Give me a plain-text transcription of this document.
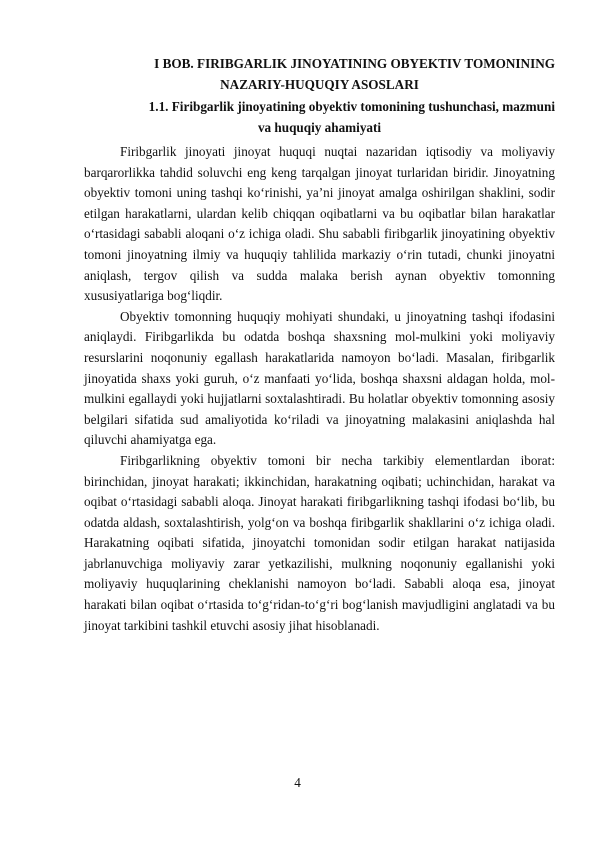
I BOB. FIRIBGARLIK JINOYATINING OBYEKTIV TOMONINING
NAZARIY-HUQUQIY ASOSLARI
1.1. Firibgarlik jinoyatining obyektiv tomonining tushunchasi, mazmuni
va huquqiy ahamiyati

Firibgarlik jinoyati jinoyat huquqi nuqtai nazaridan iqtisodiy va moliyaviy barqarorlikka tahdid soluvchi eng keng tarqalgan jinoyat turlaridan biridir. Jinoyatning obyektiv tomoni uning tashqi koʻrinishi, yaʼni jinoyat amalga oshirilgan shaklini, sodir etilgan harakatlarni, ulardan kelib chiqqan oqibatlarni va bu oqibatlar bilan harakatlar oʻrtasidagi sababli aloqani oʻz ichiga oladi. Shu sababli firibgarlik jinoyatining obyektiv tomoni jinoyatning ilmiy va huquqiy tahlilida markaziy oʻrin tutadi, chunki jinoyatni aniqlash, tergov qilish va sudda malaka berish aynan obyektiv tomonning xususiyatlariga bogʻliqdir.

Obyektiv tomonning huquqiy mohiyati shundaki, u jinoyatning tashqi ifodasini aniqlaydi. Firibgarlikda bu odatda boshqa shaxsning mol-mulkini yoki moliyaviy resurslarini noqonuniy egallash harakatlarida namoyon boʻladi. Masalan, firibgarlik jinoyatida shaxs yoki guruh, oʻz manfaati yoʻlida, boshqa shaxsni aldagan holda, mol-mulkini egallaydi yoki hujjatlarni soxtalashtiradi. Bu holatlar obyektiv tomonning asosiy belgilari sifatida sud amaliyotida koʻriladi va jinoyatning malakasini aniqlashda hal qiluvchi ahamiyatga ega.

Firibgarlikning obyektiv tomoni bir necha tarkibiy elementlardan iborat: birinchidan, jinoyat harakati; ikkinchidan, harakatning oqibati; uchinchidan, harakat va oqibat oʻrtasidagi sababli aloqa. Jinoyat harakati firibgarlikning tashqi ifodasi boʻlib, bu odatda aldash, soxtalashtirish, yolgʻon va boshqa firibgarlik shakllarini oʻz ichiga oladi. Harakatning oqibati sifatida, jinoyatchi tomonidan sodir etilgan harakat natijasida jabrlanuvchiga moliyaviy zarar yetkazilishi, mulkning noqonuniy egallanishi yoki moliyaviy huquqlarining cheklanishi namoyon boʻladi. Sababli aloqa esa, jinoyat harakati bilan oqibat oʻrtasida toʻgʻridan-toʻgʻri bogʻlanish mavjudligini anglatadi va bu jinoyat tarkibini tashkil etuvchi asosiy jihat hisoblanadi.

4
